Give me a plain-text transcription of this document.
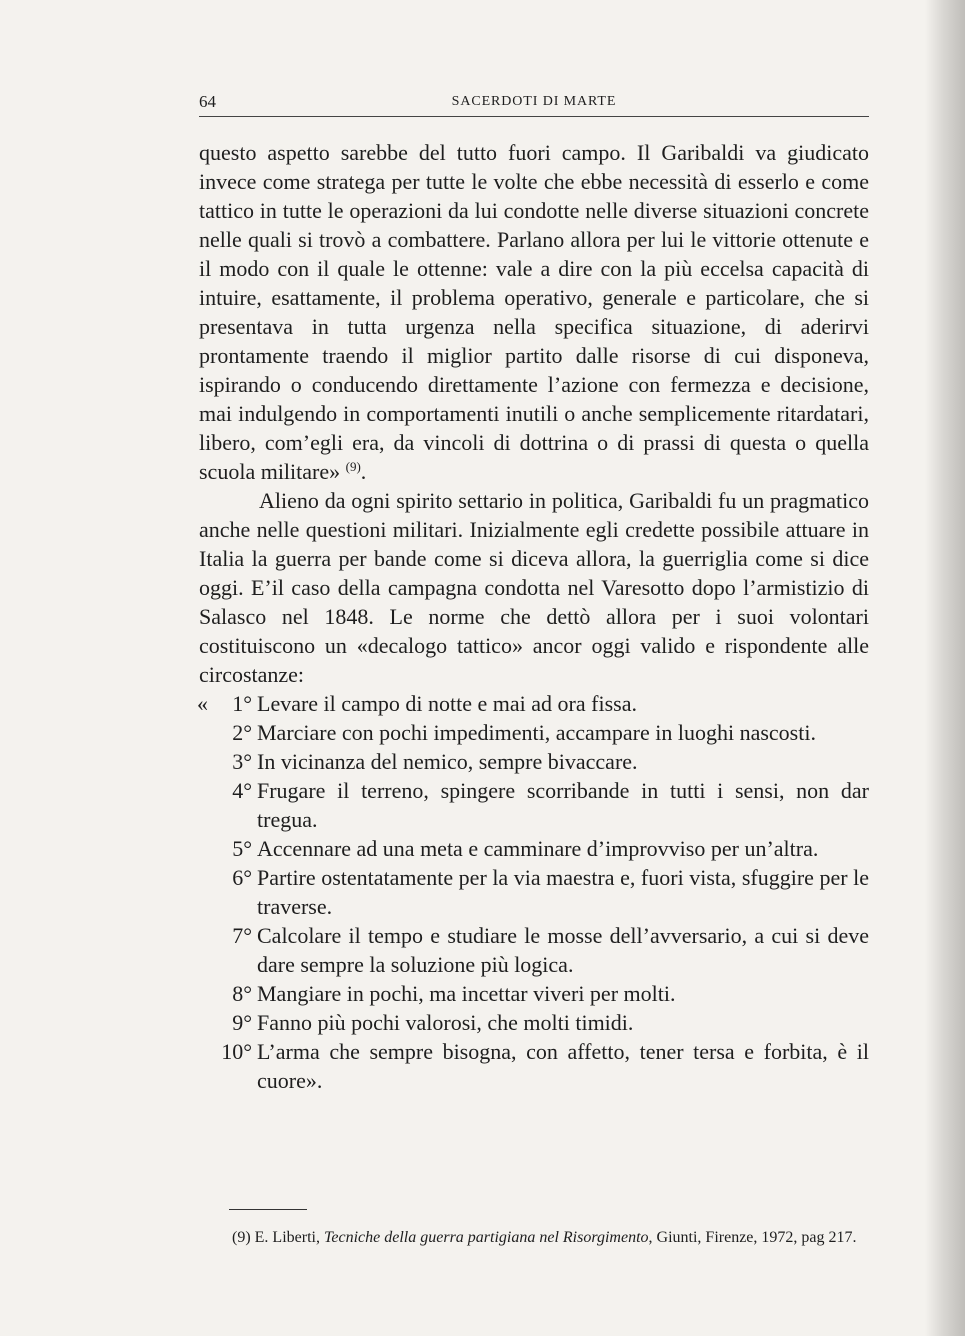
64	SACERDOTI DI MARTE

questo aspetto sarebbe del tutto fuori campo. Il Garibaldi va giudicato invece come stratega per tutte le volte che ebbe necessità di esserlo e come tattico in tutte le operazioni da lui condotte nelle diverse situazioni concrete nelle quali si trovò a combattere. Parlano allora per lui le vittorie ottenute e il modo con il quale le ottenne: vale a dire con la più eccelsa capacità di intuire, esattamente, il problema operativo, generale e particolare, che si presentava in tutta urgenza nella specifica situazione, di aderirvi prontamente traendo il miglior partito dalle risorse di cui disponeva, ispirando o conducendo direttamente l’azione con fermezza e decisione, mai indulgendo in comportamenti inutili o anche semplicemente ritardatari, libero, com’egli era, da vincoli di dottrina o di prassi di questa o quella scuola militare» $^{(9)}$.

Alieno da ogni spirito settario in politica, Garibaldi fu un pragmatico anche nelle questioni militari. Inizialmente egli credette possibile attuare in Italia la guerra per bande come si diceva allora, la guerriglia come si dice oggi. E’il caso della campagna condotta nel Varesotto dopo l’armistizio di Salasco nel 1848. Le norme che dettò allora per i suoi volontari costituiscono un «decalogo tattico» ancor oggi valido e rispondente alle circostanze:

« 1° Levare il campo di notte e mai ad ora fissa.
2° Marciare con pochi impedimenti, accampare in luoghi nascosti.
3° In vicinanza del nemico, sempre bivaccare.
4° Frugare il terreno, spingere scorribande in tutti i sensi, non dar tregua.
5° Accennare ad una meta e camminare d’improvviso per un’altra.
6° Partire ostentatamente per la via maestra e, fuori vista, sfuggire per le traverse.
7° Calcolare il tempo e studiare le mosse dell’avversario, a cui si deve dare sempre la soluzione più logica.
8° Mangiare in pochi, ma incettar viveri per molti.
9° Fanno più pochi valorosi, che molti timidi.
10° L’arma che sempre bisogna, con affetto, tener tersa e forbita, è il cuore».
(9) E. Liberti, Tecniche della guerra partigiana nel Risorgimento, Giunti, Firenze, 1972, pag 217.
